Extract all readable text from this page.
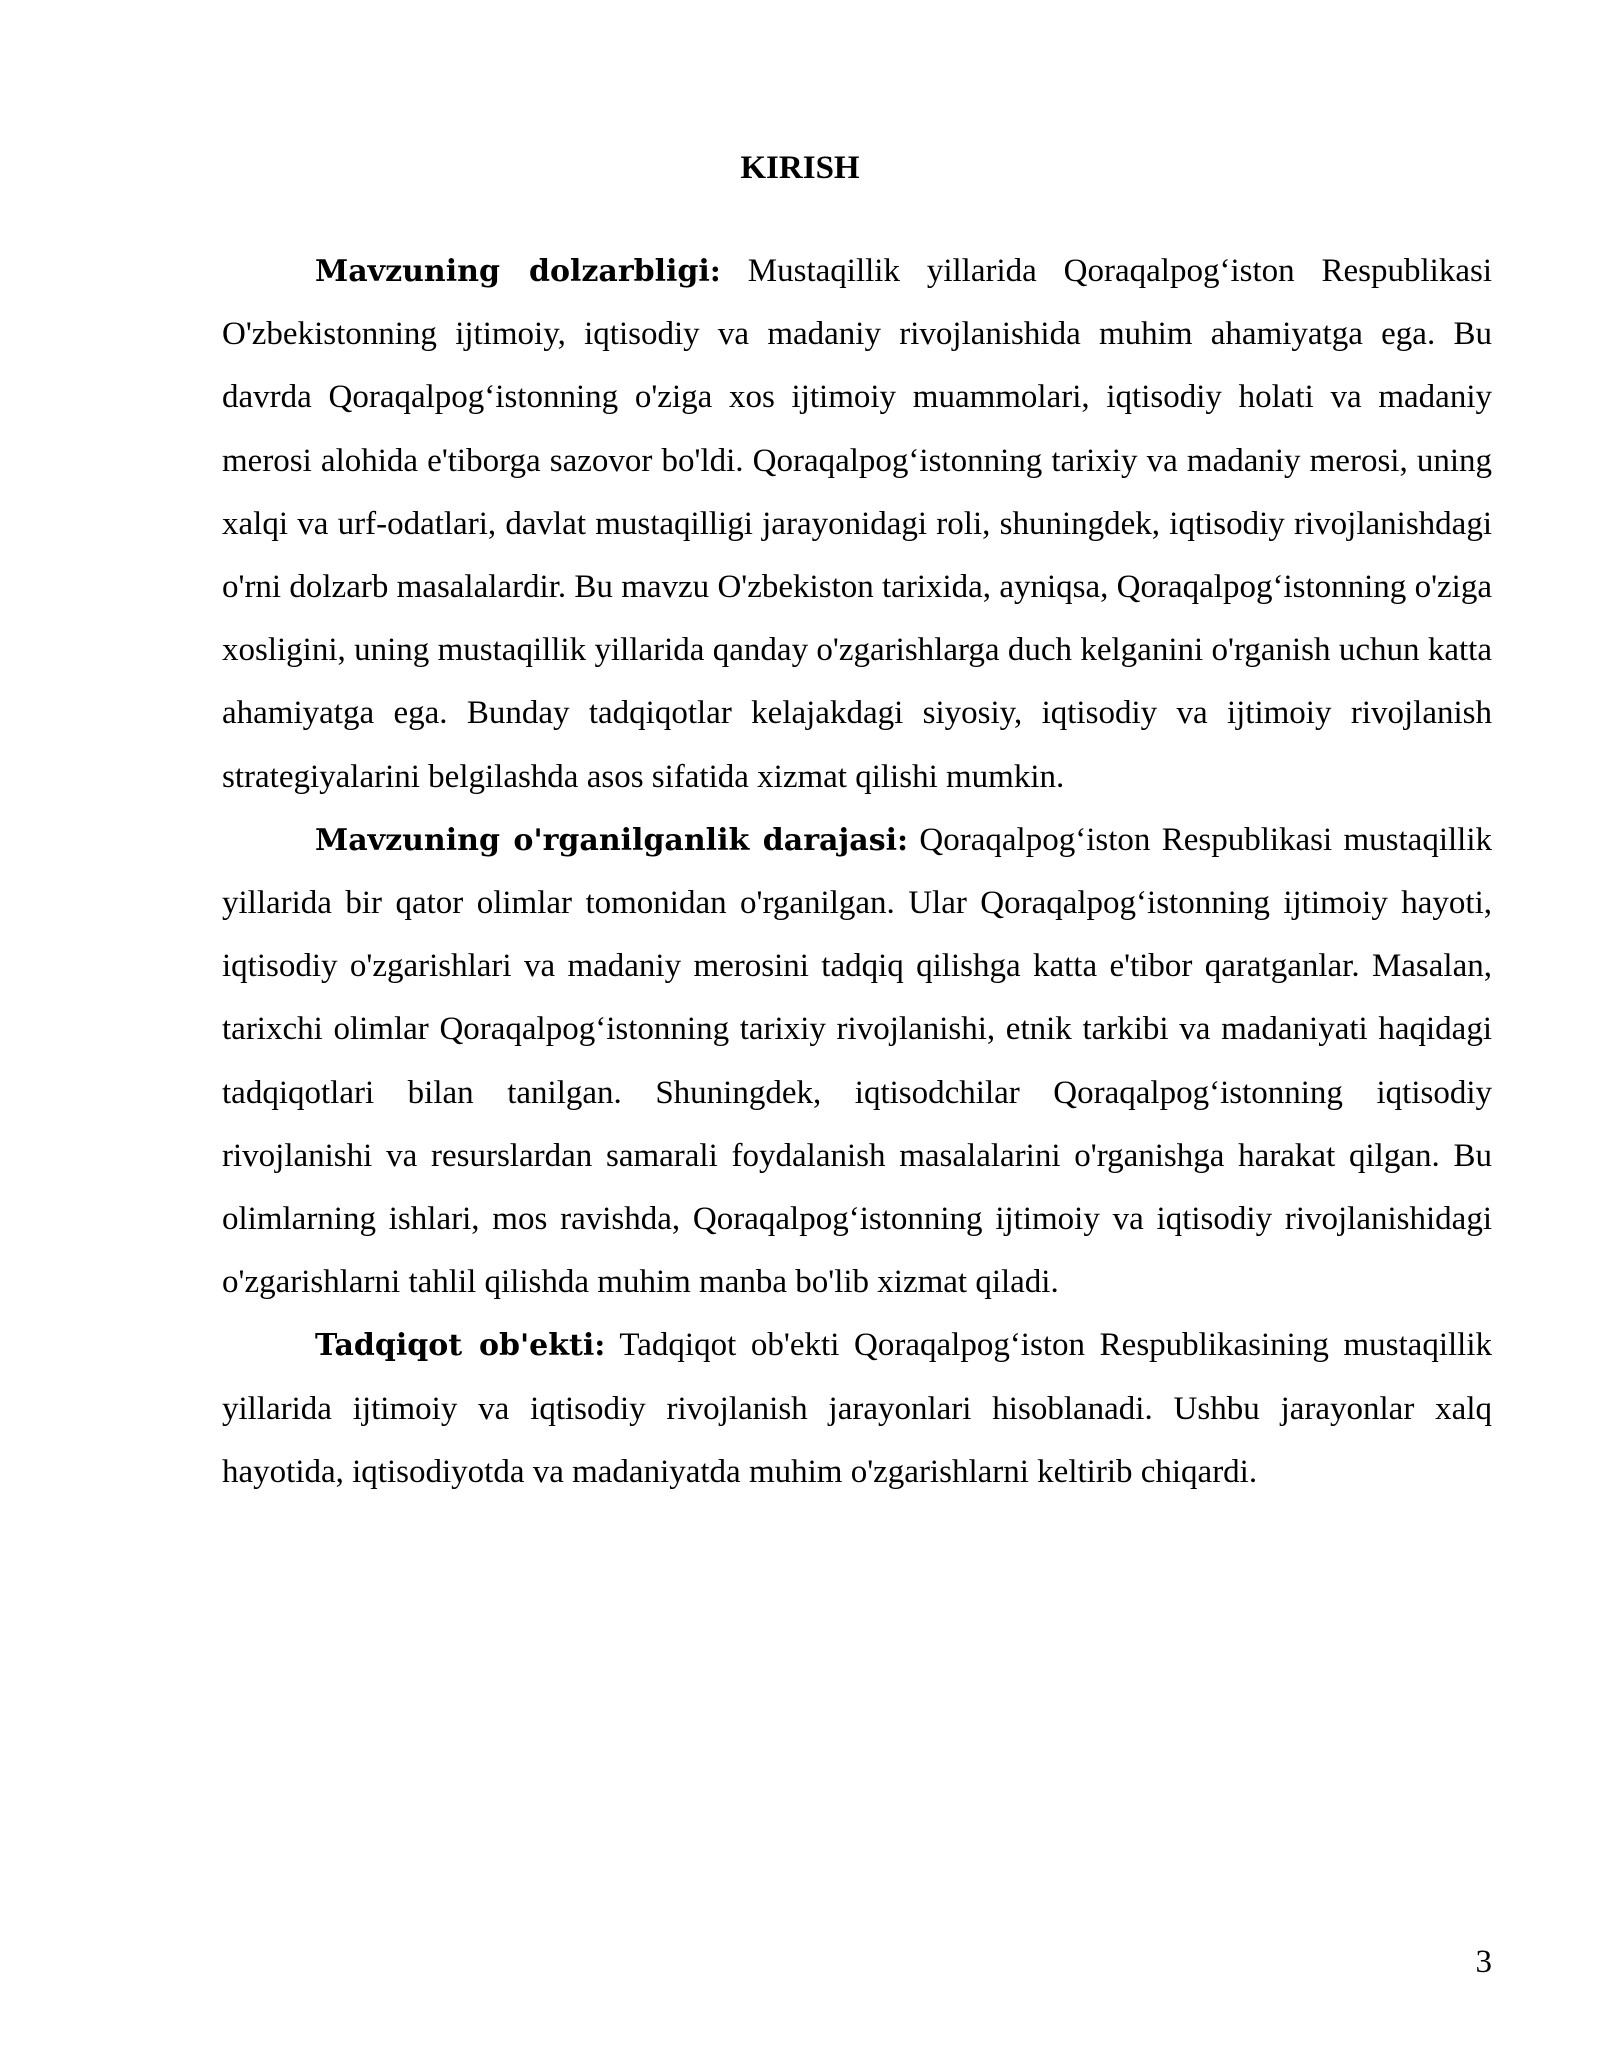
KIRISH

Mavzuning dolzarbligi: Mustaqillik yillarida Qoraqalpog‘iston Respublikasi O'zbekistonning ijtimoiy, iqtisodiy va madaniy rivojlanishida muhim ahamiyatga ega. Bu davrda Qoraqalpog‘istonning o'ziga xos ijtimoiy muammolari, iqtisodiy holati va madaniy merosi alohida e'tiborga sazovor bo'ldi. Qoraqalpog‘istonning tarixiy va madaniy merosi, uning xalqi va urf-odatlari, davlat mustaqilligi jarayonidagi roli, shuningdek, iqtisodiy rivojlanishdagi o'rni dolzarb masalalardir. Bu mavzu O'zbekiston tarixida, ayniqsa, Qoraqalpog‘istonning o'ziga xosligini, uning mustaqillik yillarida qanday o'zgarishlarga duch kelganini o'rganish uchun katta ahamiyatga ega. Bunday tadqiqotlar kelajakdagi siyosiy, iqtisodiy va ijtimoiy rivojlanish strategiyalarini belgilashda asos sifatida xizmat qilishi mumkin.

Mavzuning o'rganilganlik darajasi: Qoraqalpog‘iston Respublikasi mustaqillik yillarida bir qator olimlar tomonidan o'rganilgan. Ular Qoraqalpog‘istonning ijtimoiy hayoti, iqtisodiy o'zgarishlari va madaniy merosini tadqiq qilishga katta e'tibor qaratganlar. Masalan, tarixchi olimlar Qoraqalpog‘istonning tarixiy rivojlanishi, etnik tarkibi va madaniyati haqidagi tadqiqotlari bilan tanilgan. Shuningdek, iqtisodchilar Qoraqalpog‘istonning iqtisodiy rivojlanishi va resurslardan samarali foydalanish masalalarini o'rganishga harakat qilgan. Bu olimlarning ishlari, mos ravishda, Qoraqalpog‘istonning ijtimoiy va iqtisodiy rivojlanishidagi o'zgarishlarni tahlil qilishda muhim manba bo'lib xizmat qiladi.

Tadqiqot ob'ekti: Tadqiqot ob'ekti Qoraqalpog‘iston Respublikasining mustaqillik yillarida ijtimoiy va iqtisodiy rivojlanish jarayonlari hisoblanadi. Ushbu jarayonlar xalq hayotida, iqtisodiyotda va madaniyatda muhim o'zgarishlarni keltirib chiqardi.

3
